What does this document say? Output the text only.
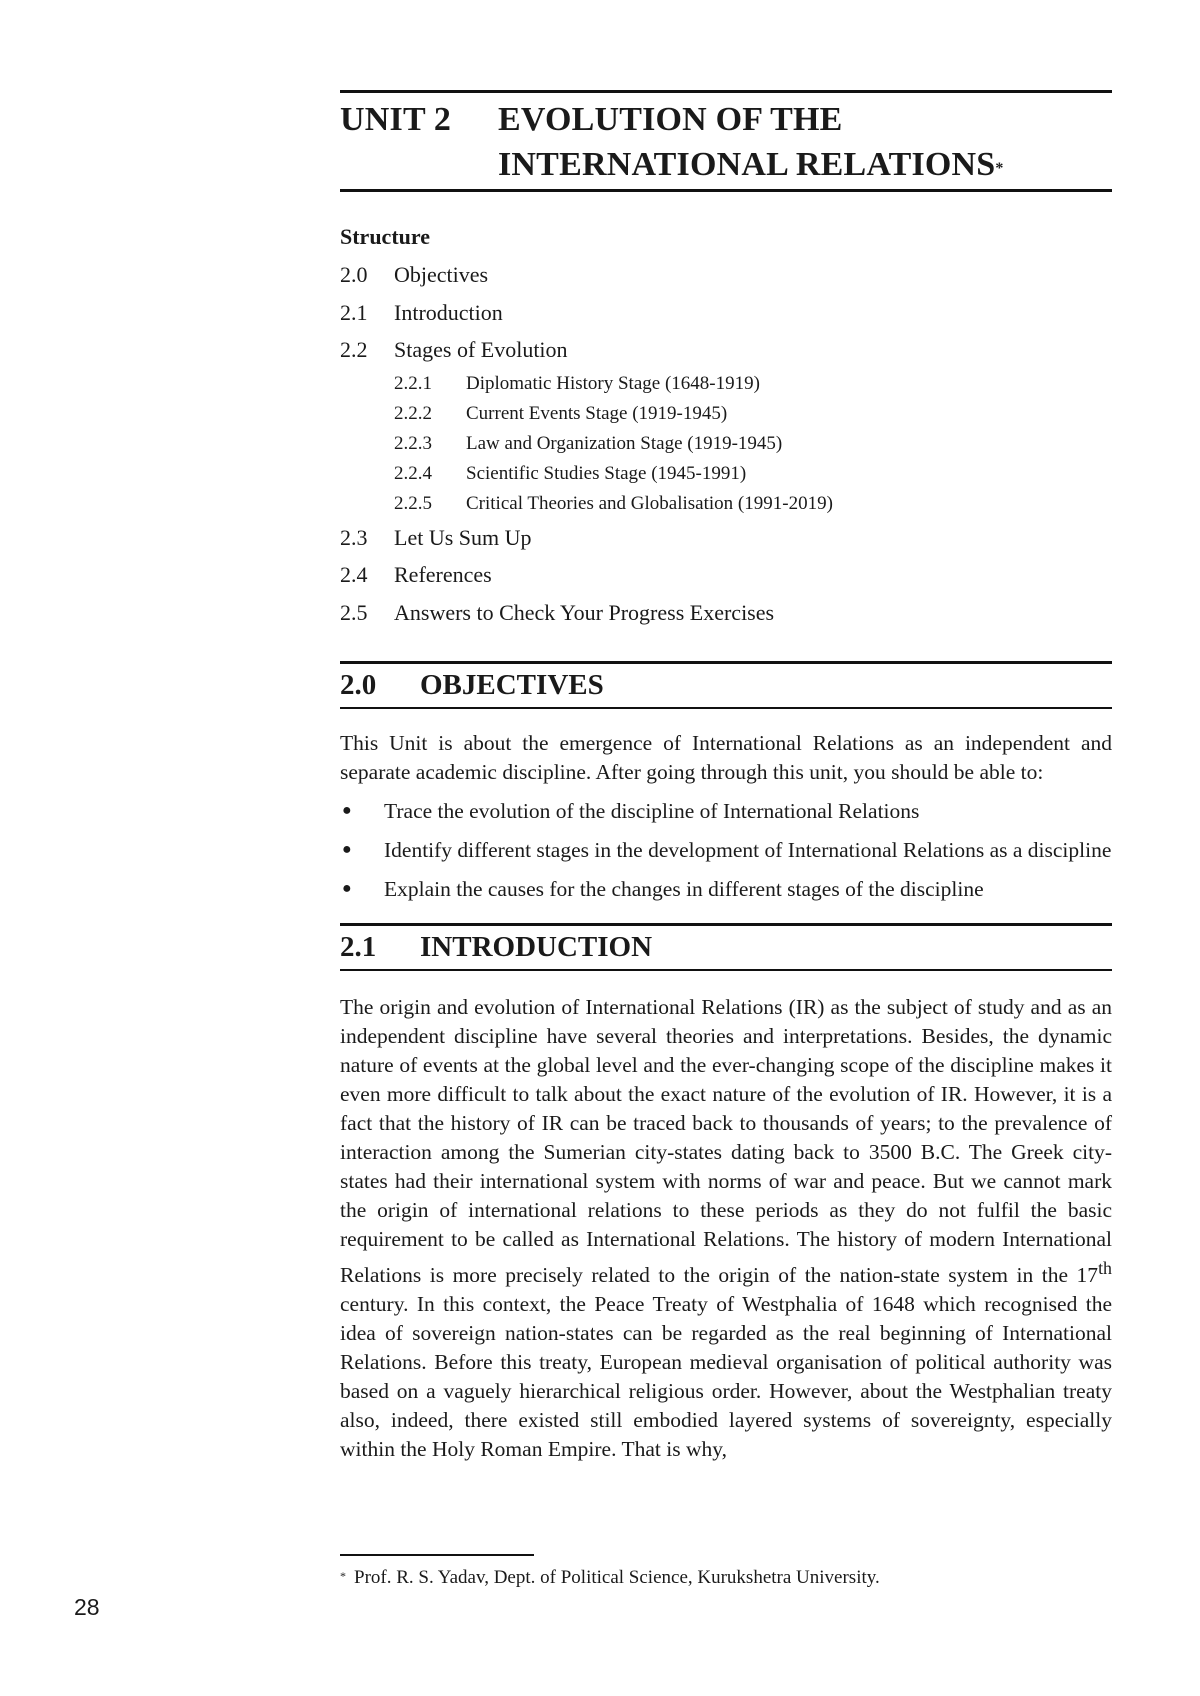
UNIT 2	EVOLUTION OF THE
INTERNATIONAL RELATIONS*
Structure
2.0	Objectives
2.1	Introduction
2.2	Stages of Evolution
2.2.1	Diplomatic History Stage (1648-1919)
2.2.2	Current Events Stage (1919-1945)
2.2.3	Law and Organization Stage (1919-1945)
2.2.4	Scientific Studies Stage (1945-1991)
2.2.5	Critical Theories and Globalisation (1991-2019)
2.3	Let Us Sum Up
2.4	References
2.5	Answers to Check Your Progress Exercises
2.0	OBJECTIVES

This Unit is about the emergence of International Relations as an independent and separate academic discipline. After going through this unit, you should be able to:

●	Trace the evolution of the discipline of International Relations
●	Identify different stages in the development of International Relations as a discipline
●	Explain the causes for the changes in different stages of the discipline
2.1	INTRODUCTION

The origin and evolution of International Relations (IR) as the subject of study and as an independent discipline have several theories and interpretations. Besides, the dynamic nature of events at the global level and the ever-changing scope of the discipline makes it even more difficult to talk about the exact nature of the evolution of IR. However, it is a fact that the history of IR can be traced back to thousands of years; to the prevalence of interaction among the Sumerian city-states dating back to 3500 B.C. The Greek city-states had their international system with norms of war and peace. But we cannot mark the origin of international relations to these periods as they do not fulfil the basic requirement to be called as International Relations. The history of modern International Relations is more precisely related to the origin of the nation-state system in the 17th century. In this context, the Peace Treaty of Westphalia of 1648 which recognised the idea of sovereign nation-states can be regarded as the real beginning of International Relations. Before this treaty, European medieval organisation of political authority was based on a vaguely hierarchical religious order. However, about the Westphalian treaty also, indeed, there existed still embodied layered systems of sovereignty, especially within the Holy Roman Empire. That is why,

* Prof. R. S. Yadav, Dept. of Political Science, Kurukshetra University.
28
